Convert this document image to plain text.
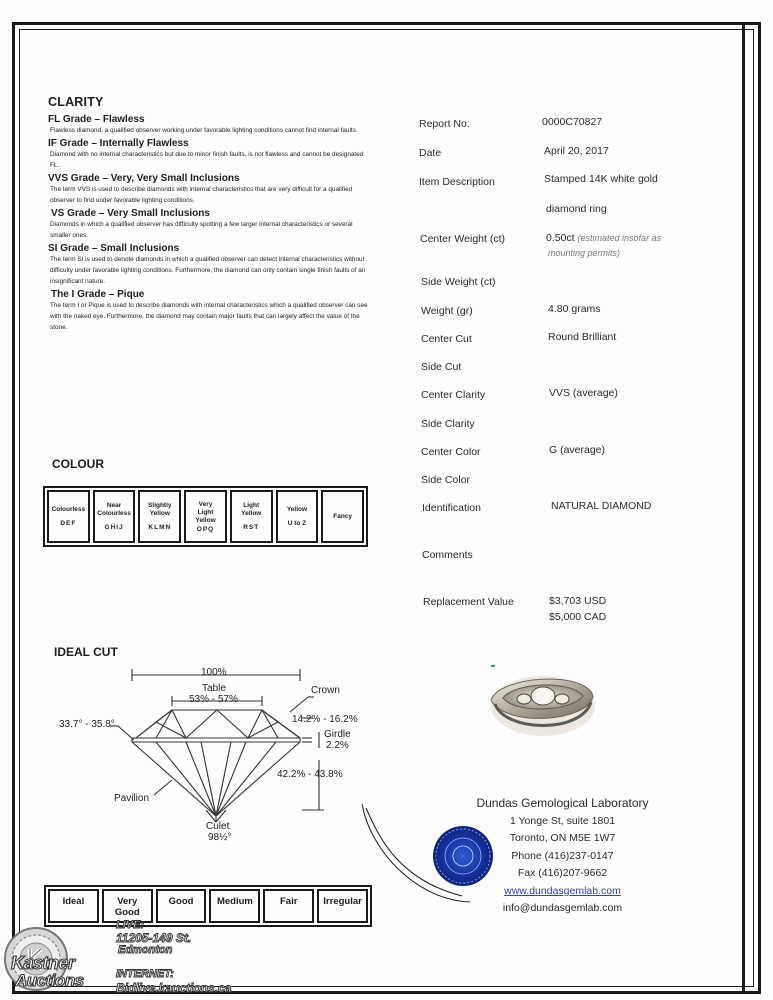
CLARITY
FL Grade – Flawless

Flawless diamond, a qualified observer working under favorable lighting conditions cannot find internal faults.

IF Grade – Internally Flawless

Diamond with no internal characteristics but due to minor finish faults, is not flawless and cannot be designated FL.

VVS Grade – Very, Very Small Inclusions

The term VVS is used to describe diamonds with internal characteristics that are very difficult for a qualified observer to find under favorable lighting conditions.

VS Grade – Very Small Inclusions

Diamonds in which a qualified observer has difficulty spotting a few larger internal characteristics or several smaller ones.

SI Grade – Small Inclusions

The term SI is used to denote diamonds in which a qualified observer can detect internal characteristics without difficulty under favorable lighting conditions. Furthermore, the diamond can only contain single finish faults of an insignificant nature.

The I Grade – Pique

The term I or Pique is used to describe diamonds with internal characteristics which a qualified observer can see with the naked eye. Furthermore, the diamond may contain major faults that can largely affect the value of the stone.

COLOUR
Colourless
DEF
Near Colourless
GHIJ
Slightly Yellow
KLMN
Very Light Yellow
OPQ
Light Yellow
RST
Yellow
U to Z
Fancy
IDEAL CUT
100%
Table
53% - 57%
Crown
33.7° - 35.8°	14.2% - 16.2%
Girdle
2.2%
42.2% - 43.8%
Pavilion
Culet
98½°
Ideal	Very Good
Good	Medium	Fair	Irregular
Report No.	0000C70827
Date	April 20, 2017
Item Description	Stamped 14K white gold
diamond ring
Center Weight (ct)	0.50ct (estimated insofar as
mounting permits)
Side Weight (ct)
Weight (gr)	4.80 grams
Center Cut	Round Brilliant
Side Cut
Center Clarity	VVS (average)
Side Clarity
Center Color	G (average)
Side Color
Identification	NATURAL DIAMOND
Comments
Replacement Value	$3,703 USD
$5,000 CAD
Dundas Gemological Laboratory
1 Yonge St, suite 1801
Toronto, ON M5E 1W7
Phone (416)237-0147
Fax (416)207-9662
www.dundasgemlab.com
info@dundasgemlab.com
Kastner
Auctions
LIVE:
11205-149 St.
Edmonton
INTERNET:
Bidlive.kauctions.ca
